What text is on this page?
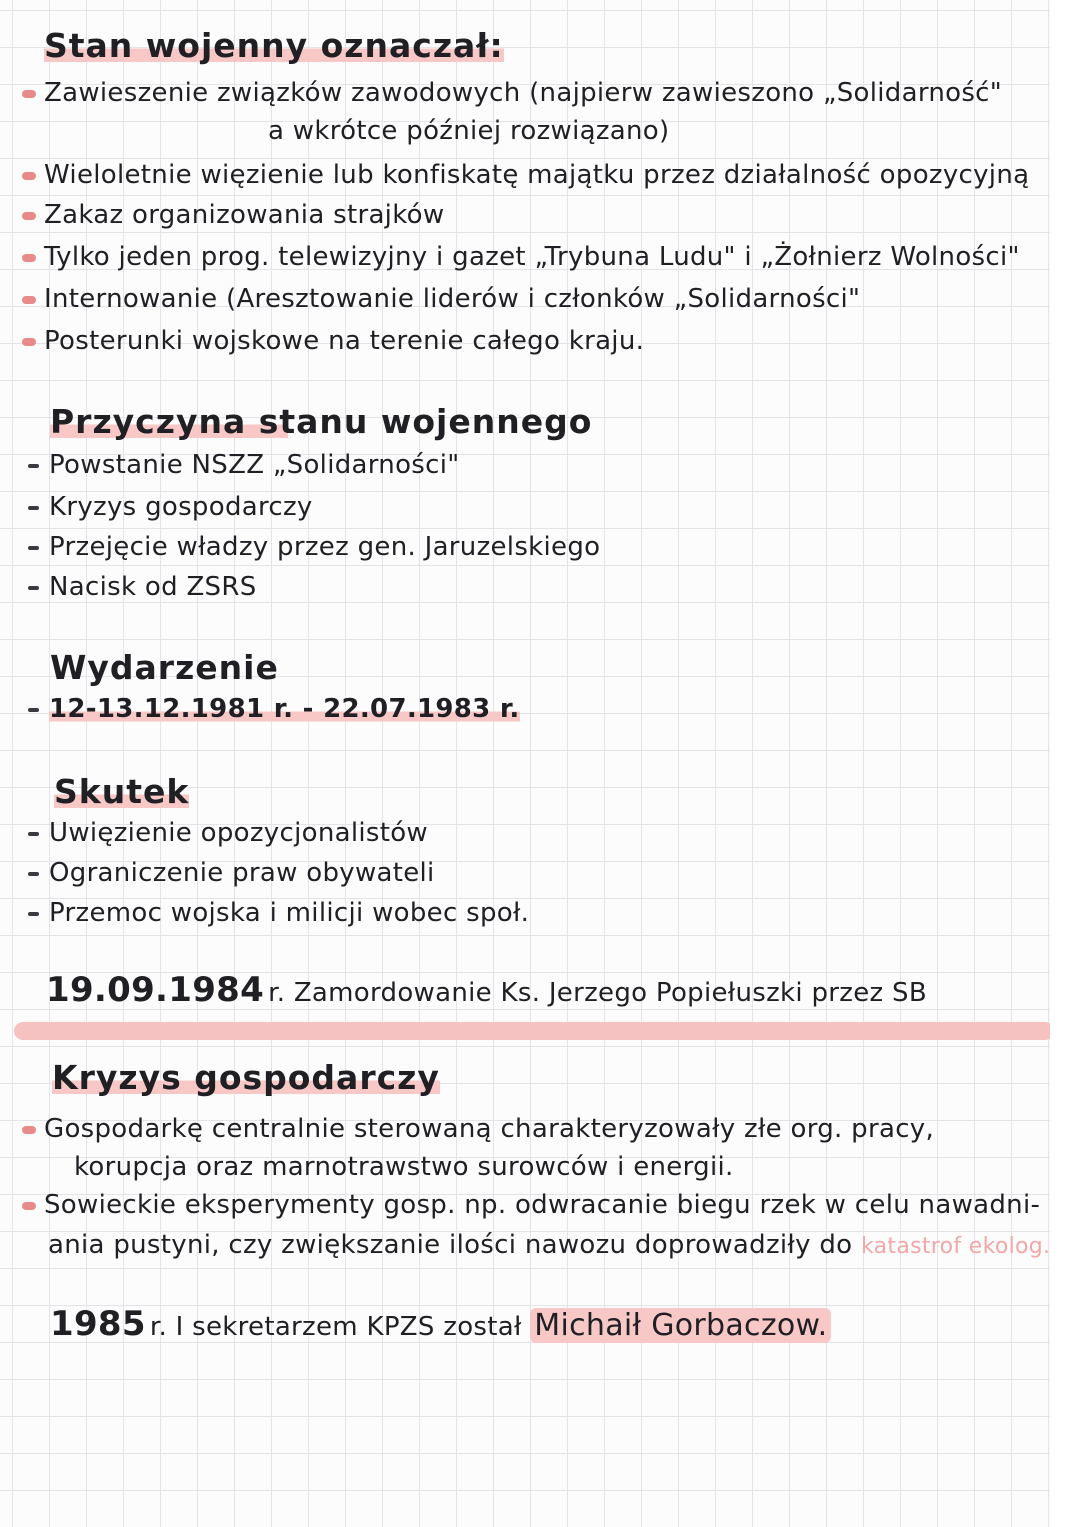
Stan wojenny oznaczał:
Zawieszenie związków zawodowych (najpierw zawieszono „Solidarność"
a wkrótce później rozwiązano)
Wieloletnie więzienie lub konfiskatę majątku przez działalność opozycyjną
Zakaz organizowania strajków
Tylko jeden prog. telewizyjny i gazet „Trybuna Ludu" i „Żołnierz Wolności"
Internowanie (Aresztowanie liderów i członków „Solidarności"
Posterunki wojskowe na terenie całego kraju.
Przyczyna stanu wojennego
Powstanie NSZZ „Solidarności"
Kryzys gospodarczy
Przejęcie władzy przez gen. Jaruzelskiego
Nacisk od ZSRS
Wydarzenie
12-13.12.1981 r. - 22.07.1983 r.
Skutek
Uwięzienie opozycjonalistów
Ograniczenie praw obywateli
Przemoc wojska i milicji wobec społ.
19.09.1984 r. Zamordowanie Ks. Jerzego Popiełuszki przez SB
Kryzys gospodarczy
Gospodarkę centralnie sterowaną charakteryzowały złe org. pracy,
korupcja oraz marnotrawstwo surowców i energii.
Sowieckie eksperymenty gosp. np. odwracanie biegu rzek w celu nawadni-
ania pustyni, czy zwiększanie ilości nawozu doprowadziły do katastrof ekolog.
1985 r. I sekretarzem KPZS został Michaił Gorbaczow.
